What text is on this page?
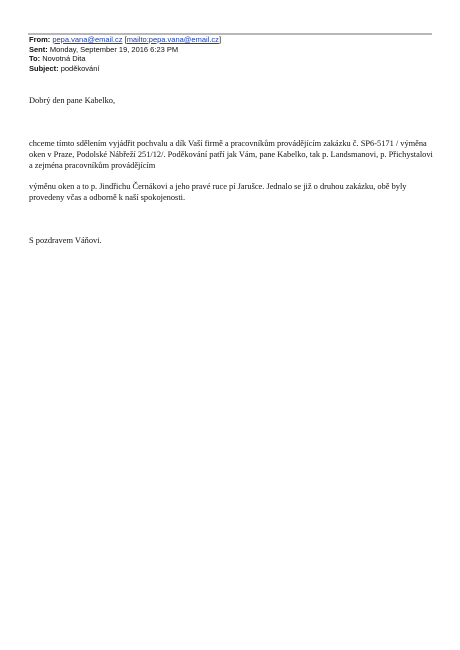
From: pepa.vana@email.cz [mailto:pepa.vana@email.cz]
Sent: Monday, September 19, 2016 6:23 PM
To: Novotná Dita
Subject: poděkování
Dobrý den pane Kabelko,
chceme tímto sdělením vyjádřit pochvalu a dík Vaší firmě a pracovníkům provádějícím zakázku č. SP6-5171 / výměna oken v Praze, Podolské Nábřeží 251/12/. Poděkování patří jak Vám, pane Kabelko, tak p. Landsmanovi, p. Přichystalovi a zejména pracovníkům provádějícím
výměnu oken a to p. Jindřichu Černákovi a jeho pravé ruce pí Jarušce. Jednalo se již o druhou zakázku, obě byly provedeny včas a odborně k naší spokojenosti.
S pozdravem Váňovi.
